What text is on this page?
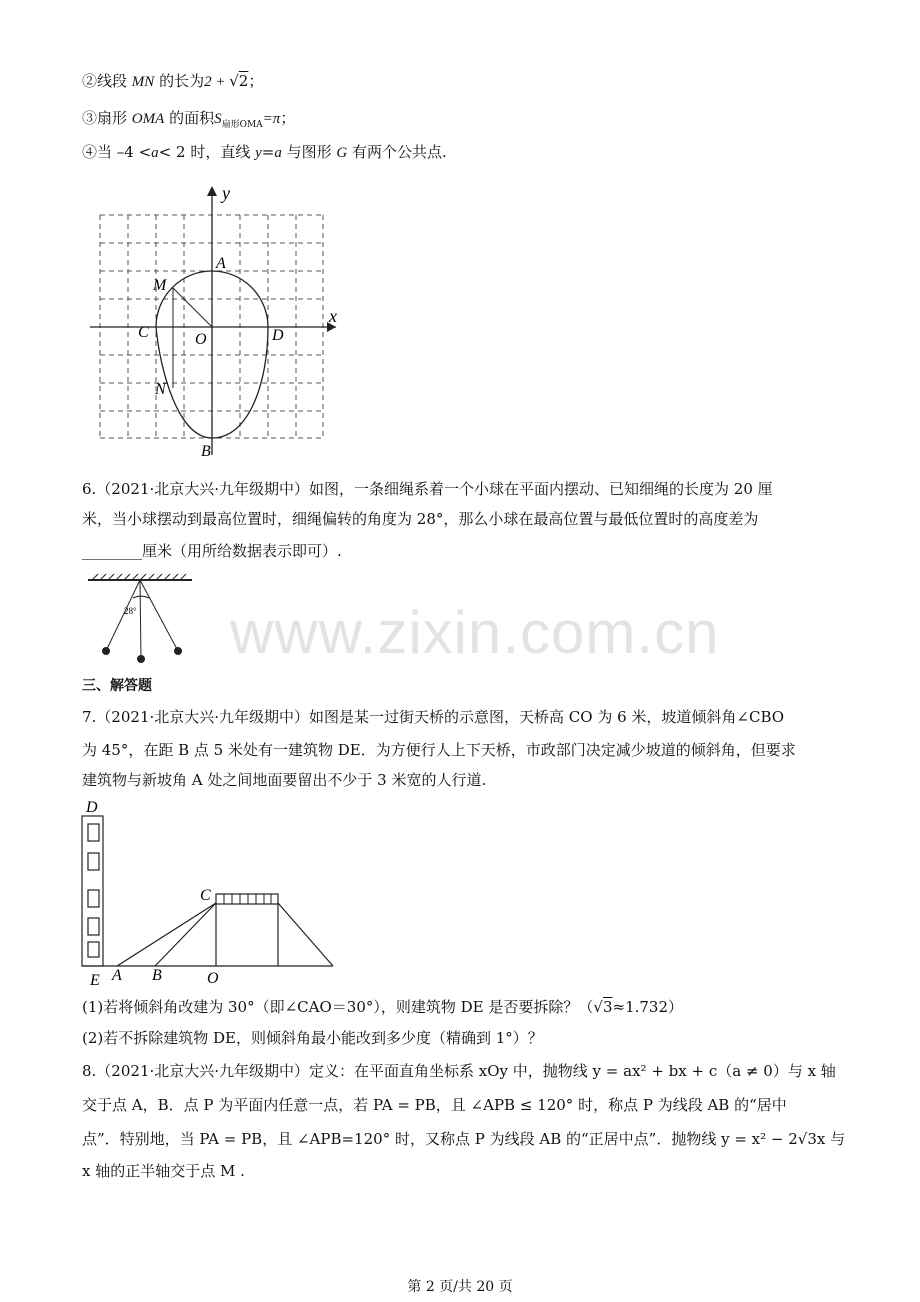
②线段 MN 的长为2 + √2；
③扇形 OMA 的面积$S_{扇形OMA}=\pi$；
④当 –4 <a< 2 时，直线 y=a 与图形 G 有两个公共点.
y
x
A
M
C	O	D
N
B
6.（2021·北京大兴·九年级期中）如图，一条细绳系着一个小球在平面内摆动、已知细绳的长度为 20 厘
米，当小球摆动到最高位置时，细绳偏转的角度为 28°，那么小球在最高位置与最低位置时的高度差为
________厘米（用所给数据表示即可）.
28° www.zixin.com.cn
三、解答题
7.（2021·北京大兴·九年级期中）如图是某一过街天桥的示意图，天桥高 CO 为 6 米，坡道倾斜角∠CBO
为 45°，在距 B 点 5 米处有一建筑物 DE．为方便行人上下天桥，市政部门决定减少坡道的倾斜角，但要求
建筑物与新坡角 A 处之间地面要留出不少于 3 米宽的人行道.
D
C
E A B	O
(1)若将倾斜角改建为 30°（即∠CAO＝30°），则建筑物 DE 是否要拆除？（√3≈1.732）
(2)若不拆除建筑物 DE，则倾斜角最小能改到多少度（精确到 1°）？
8.（2021·北京大兴·九年级期中）定义：在平面直角坐标系 xOy 中，抛物线 y = ax² + bx + c（a ≠ 0）与 x 轴
交于点 A，B．点 P 为平面内任意一点，若 PA = PB，且 ∠APB ≤ 120° 时，称点 P 为线段 AB 的“居中
点”．特别地，当 PA = PB，且 ∠APB=120° 时，又称点 P 为线段 AB 的“正居中点”．抛物线 y = x² − 2√3x 与
x 轴的正半轴交于点 M .
第 2 页/共 20 页
